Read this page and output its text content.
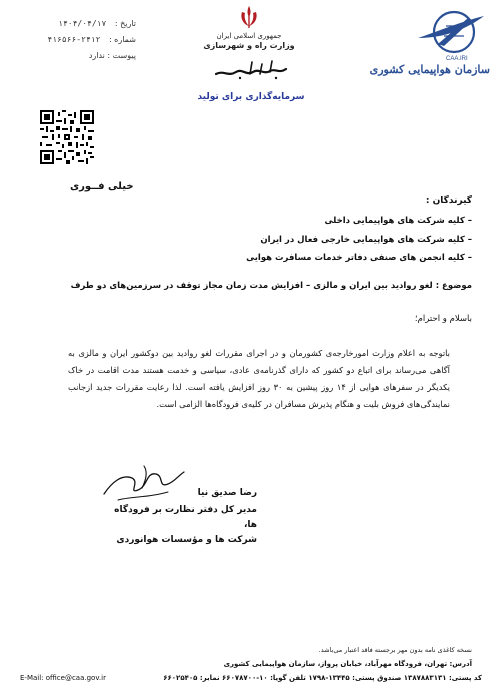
تاریخ : ۱۴۰۴/۰۴/۱۷
شماره : ۲۴۱۲-۴۱۶۵۶۶
پیوست : ندارد
جمهوری اسلامی ایران
وزارت راه و شهرسازی
سرمایه‌گذاری برای تولید
CAA.IRI
سازمان هواپیمایی کشوری
خیلی فــوری
گیرندگان :
– کلیه شرکت های هواپیمایی داخلی
– کلیه شرکت های هواپیمایی خارجی فعال در ایران
– کلیه انجمن های صنفی دفاتر خدمات مسافرت هوایی
موضوع : لغو روادید بین ایران و مالزی – افزایش مدت زمان مجاز توقف در سرزمین‌های دو طرف
باسلام و احترام؛
باتوجه به اعلام وزارت امورخارجه‌ی کشورمان و در اجرای مقررات لغو روادید بین دوکشور ایران و مالزی به آگاهی می‌رساند برای اتباع دو کشور که دارای گذرنامه‌ی عادی، سیاسی و خدمت هستند مدت اقامت در خاک یکدیگر در سفرهای هوایی از ۱۴ روز پیشین به ۳۰ روز افزایش یافته است. لذا رعایت مقررات جدید ازجانب نمایندگی‌های فروش بلیت و هنگام پذیرش مسافران در کلیه‌ی فرودگاه‌ها الزامی است.
رضا صدیق نیا
مدیر کل دفتر نظارت بر فرودگاه ها،
شرکت ها و مؤسسات هوانوردی
نسخه کاغذی نامه بدون مهر برجسته فاقد اعتبار می‌باشد.
آدرس: تهران، فرودگاه مهرآباد، خیابان پرواز، سازمان هواپیمایی کشوری
E-Mail: office@caa.gov.ir	کد پستی: ۱۳۸۷۸۸۳۱۳۱ صندوق پستی: ۱۳۴۴۵-۱۷۹۸ تلفن گویا: ۱۰-۶۶۰۷۸۷۰۰ نمابر: ۶۶۰۲۵۴۰۵
